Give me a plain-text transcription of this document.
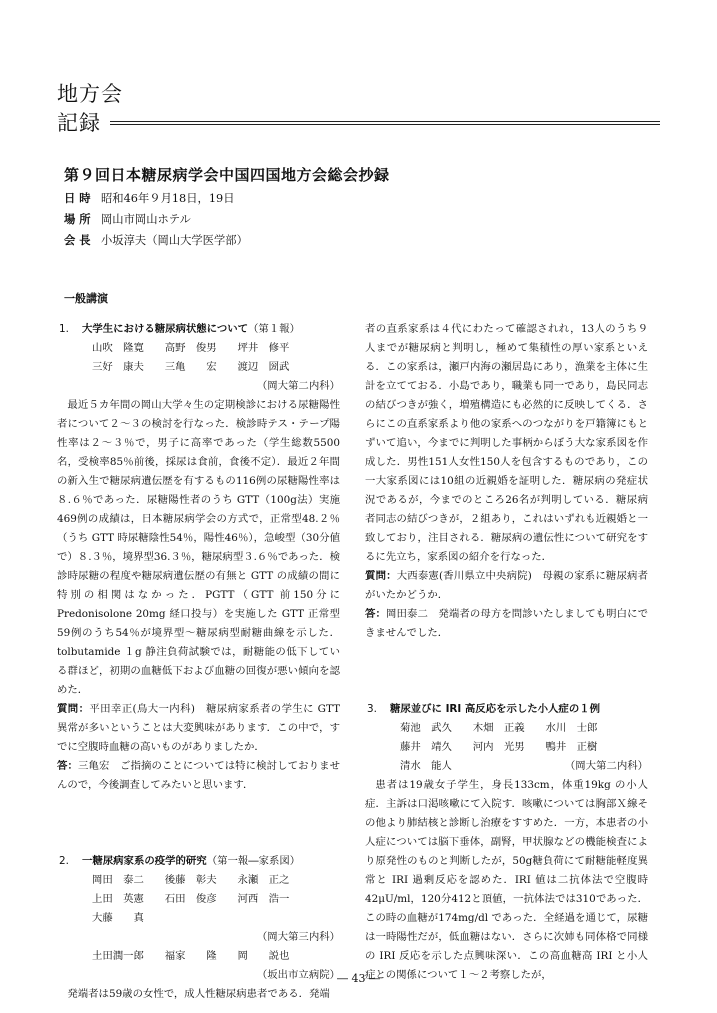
地方会
記録
第９回日本糖尿病学会中国四国地方会総会抄録
日時 昭和46年９月18日，19日
場所 岡山市岡山ホテル
会長 小坂淳夫（岡山大学医学部）
一般講演

1. 大学生における糖尿病状態について（第１報）

山吹　隆寛　　高野　俊男　　坪井　修平

三好　康夫　　三亀　　宏　　渡辺　圀武

（岡大第二内科）

最近５カ年間の岡山大学々生の定期検診における尿糖陽性者について２～３の検討を行なった．検診時テス・テープ陽性率は２～３％で，男子に高率であった（学生総数5500名，受検率85％前後，採尿は食前，食後不定）．最近２年間の新入生で糖尿病遺伝歴を有するもの116例の尿糖陽性率は８.６％であった．尿糖陽性者のうち GTT（100g法）実施469例の成績は，日本糖尿病学会の方式で，正常型48.２％（うち GTT 時尿糖陰性54％，陽性46％），急峻型（30分値で）８.３％，境界型36.３％，糖尿病型３.６％であった．検診時尿糖の程度や糖尿病遺伝歴の有無と GTT の成績の間に特別の相関はなかった．PGTT（GTT 前150分に Predonisolone 20mg 経口投与）を実施した GTT 正常型59例のうち54％が境界型～糖尿病型耐糖曲線を示した．tolbutamide １g 静注負荷試験では，耐糖能の低下している群ほど，初期の血糖低下および血糖の回復が悪い傾向を認めた．

質問：平田幸正(鳥大一内科)　糖尿病家系者の学生に GTT 異常が多いということは大変興味があります．この中で，すでに空腹時血糖の高いものがありましたか．

答：三亀宏　ご指摘のことについては特に検討しておりませんので，今後調査してみたいと思います．

2. 一糖尿病家系の疫学的研究（第一報―家系図）

岡田　泰二　　後藤　彰夫　　永瀬　正之

上田　英憲　　石田　俊彦　　河西　浩一

大藤　　真

（岡大第三内科）

土田潤一郎　　福家　　隆　　岡　　説也

（坂出市立病院）

発端者は59歳の女性で，成人性糖尿病患者である．発端

者の直系家系は４代にわたって確認されれ，13人のうち９人までが糖尿病と判明し，極めて集積性の厚い家系といえる．この家系は，瀬戸内海の瀬居島にあり，漁業を主体に生計を立てておる．小島であり，職業も同一であり，島民同志の結びつきが強く，増殖構造にも必然的に反映してくる．さらにこの直系家系より他の家系へのつながりを戸籍簿にもとずいて追い，今までに判明した事柄からぼう大な家系図を作成した．男性151人女性150人を包含するものであり，この一大家系図には10組の近親婚を証明した．糖尿病の発症状況であるが，今までのところ26名が判明している．糖尿病者同志の結びつきが，２組あり，これはいずれも近親婚と一致しており，注目される．糖尿病の遺伝性について研究をするに先立ち，家系図の紹介を行なった．

質問：大西泰憲(香川県立中央病院)　母親の家系に糖尿病者がいたかどうか．

答：岡田泰二　発端者の母方を問診いたしましても明白にできませんでした．

3. 糖尿並びに IRI 高反応を示した小人症の１例

菊池　武久　　木畑　正義　　水川　士郎

藤井　靖久　　河内　光男　　鴨井　正樹

清水　能人	（岡大第二内科）

患者は19歳女子学生，身長133cm，体重19kg の小人症．主訴は口渇咳嗽にて入院す．咳嗽については胸部Ｘ線その他より肺結核と診断し治療をすすめた．一方，本患者の小人症については脳下垂体，副腎，甲状腺などの機能検査により原発性のものと判断したが，50g糖負荷にて耐糖能軽度異常と IRI 過剰反応を認めた．IRI 値は二抗体法で空腹時42μU/ml，120分412と頂値，一抗体法では310であった．この時の血糖が174mg/dl であった．全経過を通じて，尿糖は一時陽性だが，低血糖はない．さらに次姉も同体格で同様の IRI 反応を示した点興味深い．この高血糖高 IRI と小人症との関係について１～２考察したが，

― 43 ―
